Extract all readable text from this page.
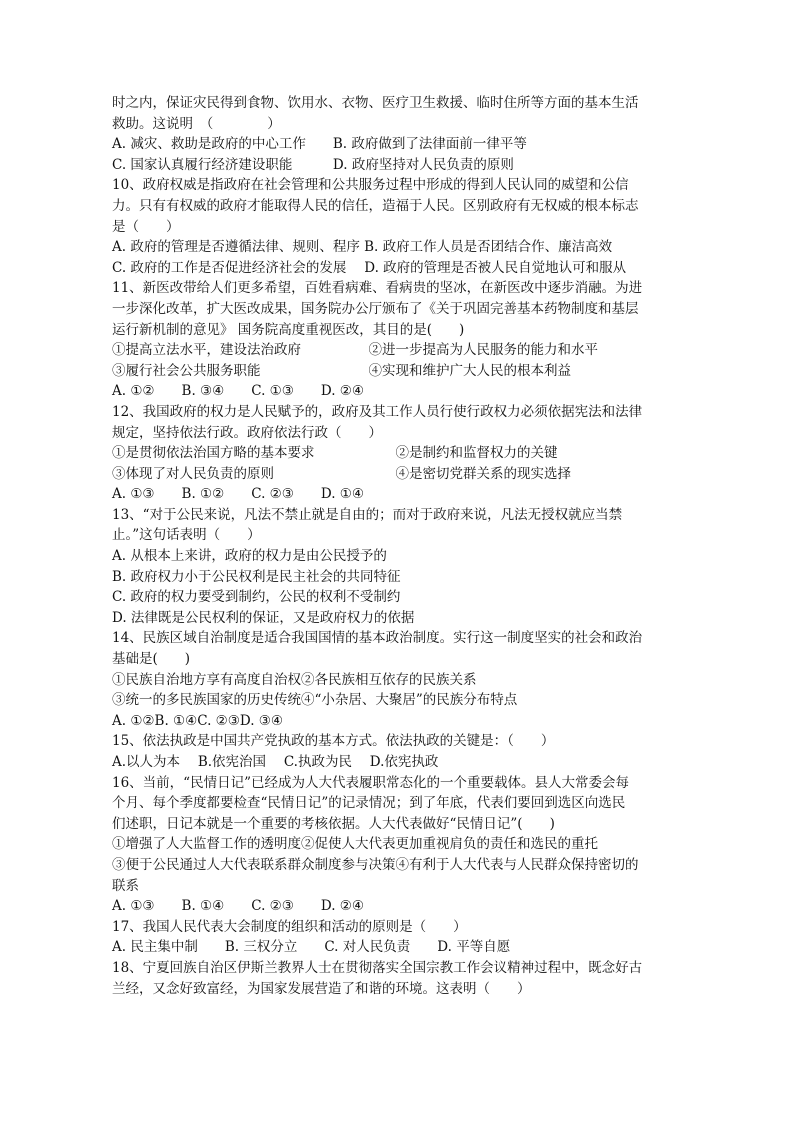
时之内，保证灾民得到食物、饮用水、衣物、医疗卫生救援、临时住所等方面的基本生活
救助。这说明　（　　　　）
A. 减灾、救助是政府的中心工作　　B. 政府做到了法律面前一律平等
C. 国家认真履行经济建设职能　　　D. 政府坚持对人民负责的原则
10、政府权威是指政府在社会管理和公共服务过程中形成的得到人民认同的威望和公信
力。只有有权威的政府才能取得人民的信任，造福于人民。区别政府有无权威的根本标志
是（　　）
A. 政府的管理是否遵循法律、规则、程序 B. 政府工作人员是否团结合作、廉洁高效
C. 政府的工作是否促进经济社会的发展　 D. 政府的管理是否被人民自觉地认可和服从
11、新医改带给人们更多希望，百姓看病难、看病贵的坚冰，在新医改中逐步消融。为进
一步深化改革，扩大医改成果，国务院办公厅颁布了《关于巩固完善基本药物制度和基层
运行新机制的意见》 国务院高度重视医改，其目的是(　　)
①提高立法水平，建设法治政府　　　　　②进一步提高为人民服务的能力和水平
③履行社会公共服务职能　　　　　　　　④实现和维护广大人民的根本利益
A. ①②　　B. ③④　　C. ①③　　D. ②④
12、我国政府的权力是人民赋予的，政府及其工作人员行使行政权力必须依据宪法和法律
规定，坚持依法行政。政府依法行政（　　）
①是贯彻依法治国方略的基本要求　　　　　　②是制约和监督权力的关键
③体现了对人民负责的原则　　　　　　　　　④是密切党群关系的现实选择
A. ①③　　B. ①②　　C. ②③　　D. ①④
13、“对于公民来说，凡法不禁止就是自由的；而对于政府来说，凡法无授权就应当禁
止。”这句话表明（　　）
A. 从根本上来讲，政府的权力是由公民授予的
B. 政府权力小于公民权利是民主社会的共同特征
C. 政府的权力要受到制约，公民的权利不受制约
D. 法律既是公民权利的保证，又是政府权力的依据
14、民族区域自治制度是适合我国国情的基本政治制度。实行这一制度坚实的社会和政治
基础是(　　)
①民族自治地方享有高度自治权②各民族相互依存的民族关系
③统一的多民族国家的历史传统④“小杂居、大聚居”的民族分布特点
A. ①②B. ①④C. ②③D. ③④
15、依法执政是中国共产党执政的基本方式。依法执政的关键是：（　　）
A.以人为本　 B.依宪治国　 C.执政为民　 D.依宪执政
16、当前，“民情日记”已经成为人大代表履职常态化的一个重要载体。县人大常委会每
个月、每个季度都要检查“民情日记”的记录情况；到了年底，代表们要回到选区向选民
们述职，日记本就是一个重要的考核依据。人大代表做好“民情日记”(　　)
①增强了人大监督工作的透明度②促使人大代表更加重视肩负的责任和选民的重托
③便于公民通过人大代表联系群众制度参与决策④有利于人大代表与人民群众保持密切的
联系
A. ①③　　B. ①④　　C. ②③　　D. ②④
17、我国人民代表大会制度的组织和活动的原则是（　　）
A. 民主集中制　　B. 三权分立　　C. 对人民负责　　D. 平等自愿
18、宁夏回族自治区伊斯兰教界人士在贯彻落实全国宗教工作会议精神过程中，既念好古
兰经，又念好致富经，为国家发展营造了和谐的环境。这表明（　　）
